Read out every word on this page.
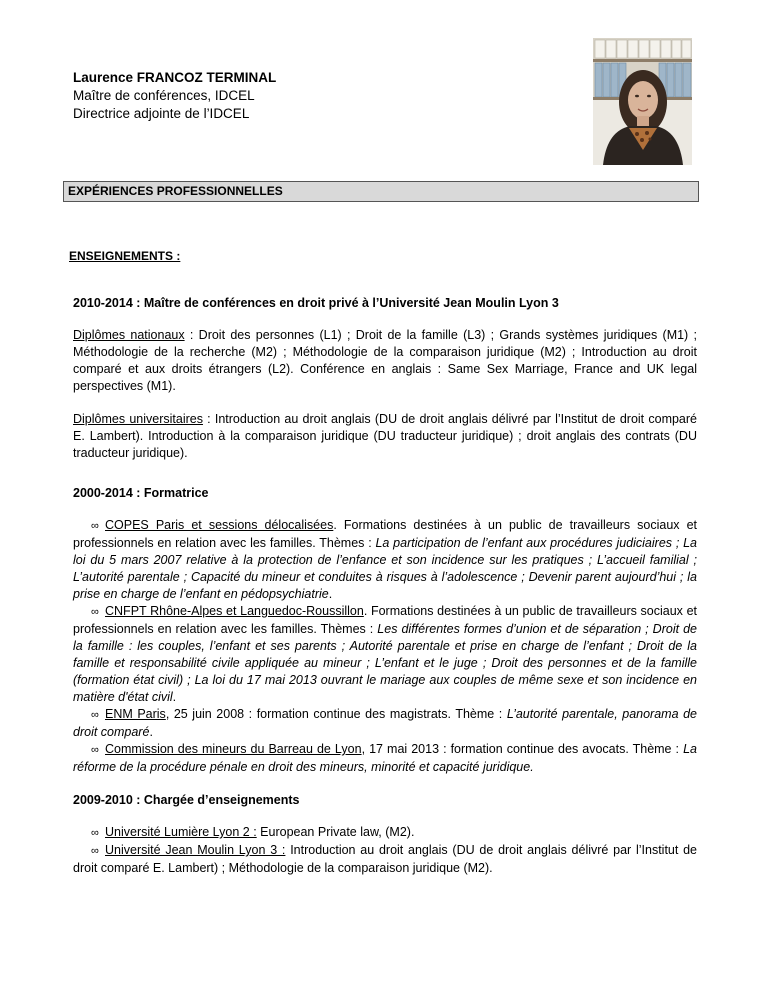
Laurence FRANCOZ TERMINAL
Maître de conférences, IDCEL
Directrice adjointe de l’IDCEL
EXPÉRIENCES PROFESSIONNELLES
ENSEIGNEMENTS :

2010-2014 : Maître de conférences en droit privé à l’Université Jean Moulin Lyon 3

Diplômes nationaux : Droit des personnes (L1) ; Droit de la famille (L3) ; Grands systèmes juridiques (M1) ; Méthodologie de la recherche (M2) ; Méthodologie de la comparaison juridique (M2) ; Introduction au droit comparé et aux droits étrangers (L2). Conférence en anglais : Same Sex Marriage, France and UK legal perspectives (M1).

Diplômes universitaires : Introduction au droit anglais (DU de droit anglais délivré par l’Institut de droit comparé E. Lambert). Introduction à la comparaison juridique (DU traducteur juridique) ; droit anglais des contrats (DU traducteur juridique).

2000-2014 : Formatrice

∞ COPES Paris et sessions délocalisées. Formations destinées à un public de travailleurs sociaux et professionnels en relation avec les familles. Thèmes : La participation de l’enfant aux procédures judiciaires ; La loi du 5 mars 2007 relative à la protection de l’enfance et son incidence sur les pratiques ; L’accueil familial ; L’autorité parentale ; Capacité du mineur et conduites à risques à l’adolescence ; Devenir parent aujourd’hui ; la prise en charge de l’enfant en pédopsychiatrie.

∞ CNFPT Rhône-Alpes et Languedoc-Roussillon. Formations destinées à un public de travailleurs sociaux et professionnels en relation avec les familles. Thèmes : Les différentes formes d’union et de séparation ; Droit de la famille : les couples, l’enfant et ses parents ; Autorité parentale et prise en charge de l’enfant ; Droit de la famille et responsabilité civile appliquée au mineur ; L’enfant et le juge ; Droit des personnes et de la famille (formation état civil) ; La loi du 17 mai 2013 ouvrant le mariage aux couples de même sexe et son incidence en matière d'état civil.

∞ ENM Paris, 25 juin 2008 : formation continue des magistrats. Thème : L’autorité parentale, panorama de droit comparé.

∞ Commission des mineurs du Barreau de Lyon, 17 mai 2013 : formation continue des avocats. Thème : La réforme de la procédure pénale en droit des mineurs, minorité et capacité juridique.

2009-2010 : Chargée d’enseignements

∞ Université Lumière Lyon 2 : European Private law, (M2).

∞ Université Jean Moulin Lyon 3 : Introduction au droit anglais (DU de droit anglais délivré par l’Institut de droit comparé E. Lambert) ; Méthodologie de la comparaison juridique (M2).
